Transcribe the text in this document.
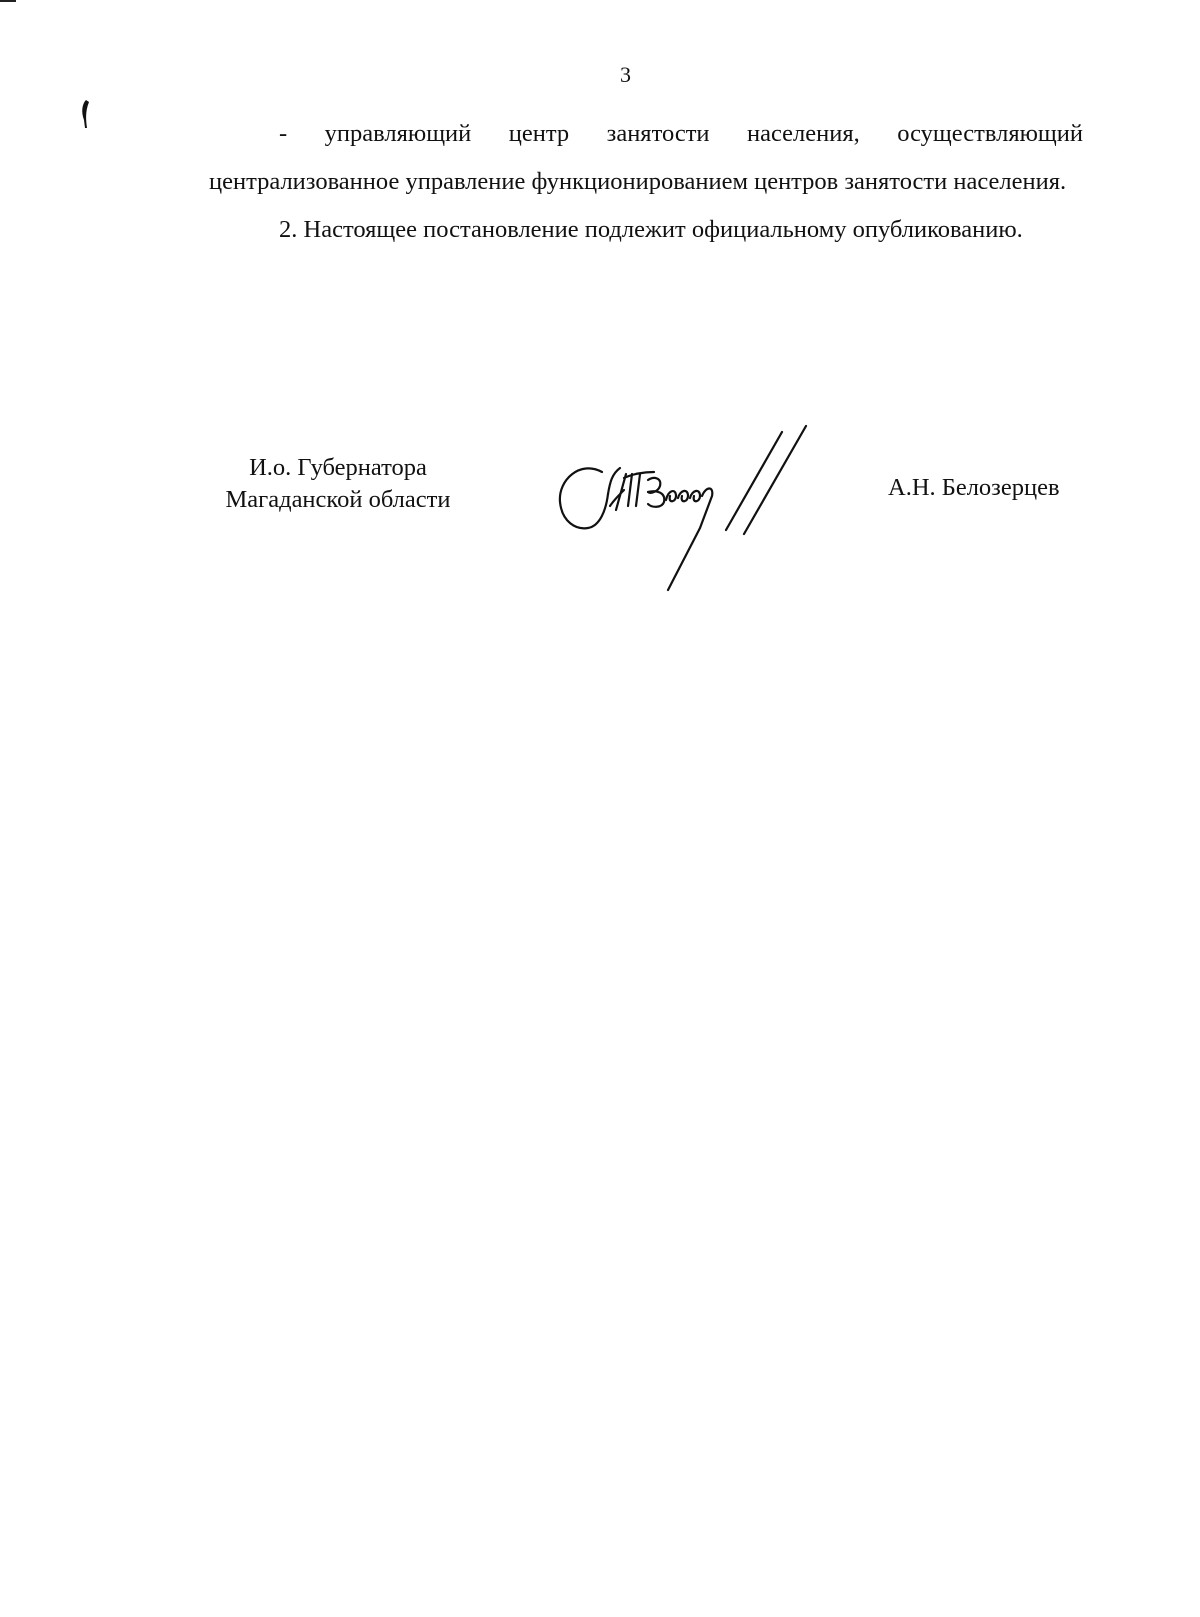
3

- управляющий центр занятости населения, осуществляющий централизованное управление функционированием центров занятости населения.

2. Настоящее постановление подлежит официальному опубликованию.

И.о. Губернатора
Магаданской области	А.Н. Белозерцев
